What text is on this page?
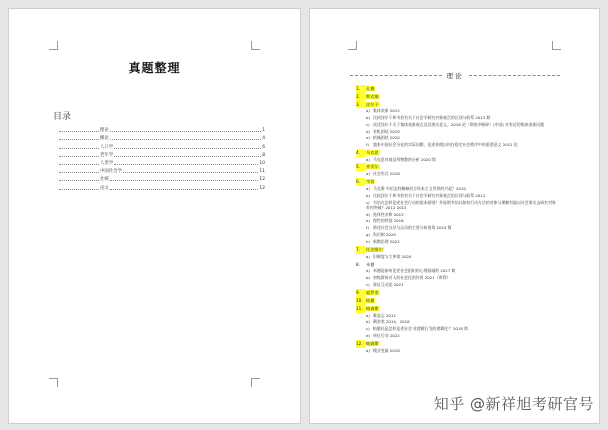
真题整理
目录
理论	1
概论	4
人口学	6
老年学	8
人类学	10
中国社会学	11
社统	12
论文	12
理论
1. 孔德
2. 斯宾塞
3. 涂尔干
a) 集体表象 2012
b) 比较涂尔干和韦伯有关于社会学研究对象观点的区别与联系 2012 简
c) 试述涂尔干关于集体表象观点及其现实意义。2018 论（期表中断碎）(中国) 亦有近的集体表象问题
d) 有机团结 2019
e) 机械团结 2020
f) 越来中国社会分化的实际问题，论述你理以何在稳定社会秩序中的重要意义 2012 论
4. 马克思
a) 马克思对商品拜物教的分析 2020 简
5. 齐美尔
a) 社会形式 2018
6. 韦伯
a) 马克斯·韦伯怎样解释西方资本主义世界的兴起？2010
b) 比较涂尔干和韦伯有关于社会学研究对象观点的区别与联系 2012
c) 韦伯在怎样论述社会行动的基本原则？并说明韦伯以如何行动方法的对象与理解有能以社会事实去研究对象有何突破？2012 2015
d) 选择性亲和 2013
e) 理性的铁笼 2018
f) 简述社会分层与运动的主要分析视角 2019 简
g) 科层制 2020
h) 新教伦理 2022
7. 托克维尔
a) 旧制度与大革命 2020
8. 米德
a) 米德是如何论述社会组织的心理基础的 2017 简
b) 初级群体对人的社会化的作用 2021（库利）
c) 象征互动论 2021
9. 索罗金
10. 帕累
11. 帕森斯
a) 唯意志 2012
b) 剩余类 2014、2018
c) 帕累托是怎样论述社会'非逻辑行为的逻辑化'？2018 简
d) 单位行动 2022
12. 帕森斯
a) 模式变量 2018
知乎 @新祥旭考研官号
